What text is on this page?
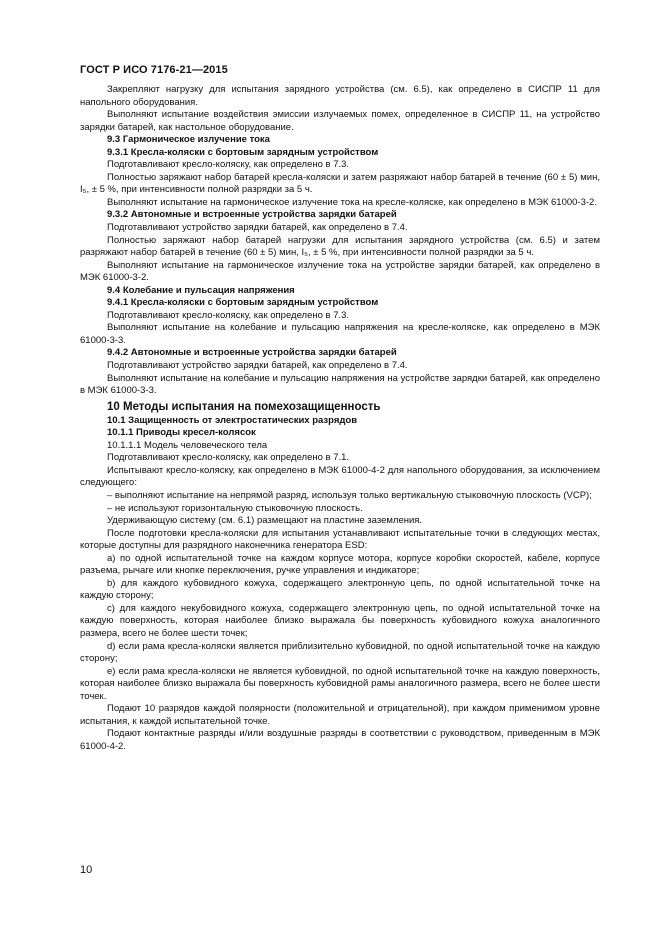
ГОСТ Р ИСО 7176-21—2015

Закрепляют нагрузку для испытания зарядного устройства (см. 6.5), как определено в СИСПР 11 для напольного оборудования.

Выполняют испытание воздействия эмиссии излучаемых помех, определенное в СИСПР 11, на устройство зарядки батарей, как настольное оборудование.

9.3 Гармоническое излучение тока

9.3.1 Кресла-коляски с бортовым зарядным устройством

Подготавливают кресло-коляску, как определено в 7.3.

Полностью заряжают набор батарей кресла-коляски и затем разряжают набор батарей в течение (60 ± 5) мин, I₅, ± 5 %, при интенсивности полной разрядки за 5 ч.

Выполняют испытание на гармоническое излучение тока на кресле-коляске, как определено в МЭК 61000-3-2.

9.3.2 Автономные и встроенные устройства зарядки батарей

Подготавливают устройство зарядки батарей, как определено в 7.4.

Полностью заряжают набор батарей нагрузки для испытания зарядного устройства (см. 6.5) и затем разряжают набор батарей в течение (60 ± 5) мин, I₅, ± 5 %, при интенсивности полной разрядки за 5 ч.

Выполняют испытание на гармоническое излучение тока на устройстве зарядки батарей, как определено в МЭК 61000-3-2.

9.4 Колебание и пульсация напряжения

9.4.1 Кресла-коляски с бортовым зарядным устройством

Подготавливают кресло-коляску, как определено в 7.3.

Выполняют испытание на колебание и пульсацию напряжения на кресле-коляске, как определено в МЭК 61000-3-3.

9.4.2 Автономные и встроенные устройства зарядки батарей

Подготавливают устройство зарядки батарей, как определено в 7.4.

Выполняют испытание на колебание и пульсацию напряжения на устройстве зарядки батарей, как определено в МЭК 61000-3-3.

10 Методы испытания на помехозащищенность

10.1 Защищенность от электростатических разрядов

10.1.1 Приводы кресел-колясок

10.1.1.1 Модель человеческого тела

Подготавливают кресло-коляску, как определено в 7.1.

Испытывают кресло-коляску, как определено в МЭК 61000-4-2 для напольного оборудования, за исключением следующего:

– выполняют испытание на непрямой разряд, используя только вертикальную стыковочную плоскость (VCP);

– не используют горизонтальную стыковочную плоскость.

Удерживающую систему (см. 6.1) размещают на пластине заземления.

После подготовки кресла-коляски для испытания устанавливают испытательные точки в следующих местах, которые доступны для разрядного наконечника генератора ESD:

a) по одной испытательной точке на каждом корпусе мотора, корпусе коробки скоростей, кабеле, корпусе разъема, рычаге или кнопке переключения, ручке управления и индикаторе;

b) для каждого кубовидного кожуха, содержащего электронную цепь, по одной испытательной точке на каждую сторону;

c) для каждого некубовидного кожуха, содержащего электронную цепь, по одной испытательной точке на каждую поверхность, которая наиболее близко выражала бы поверхность кубовидного кожуха аналогичного размера, всего не более шести точек;

d) если рама кресла-коляски является приблизительно кубовидной, по одной испытательной точке на каждую сторону;

e) если рама кресла-коляски не является кубовидной, по одной испытательной точке на каждую поверхность, которая наиболее близко выражала бы поверхность кубовидной рамы аналогичного размера, всего не более шести точек.

Подают 10 разрядов каждой полярности (положительной и отрицательной), при каждом применимом уровне испытания, к каждой испытательной точке.

Подают контактные разряды и/или воздушные разряды в соответствии с руководством, приведенным в МЭК 61000-4-2.

10
